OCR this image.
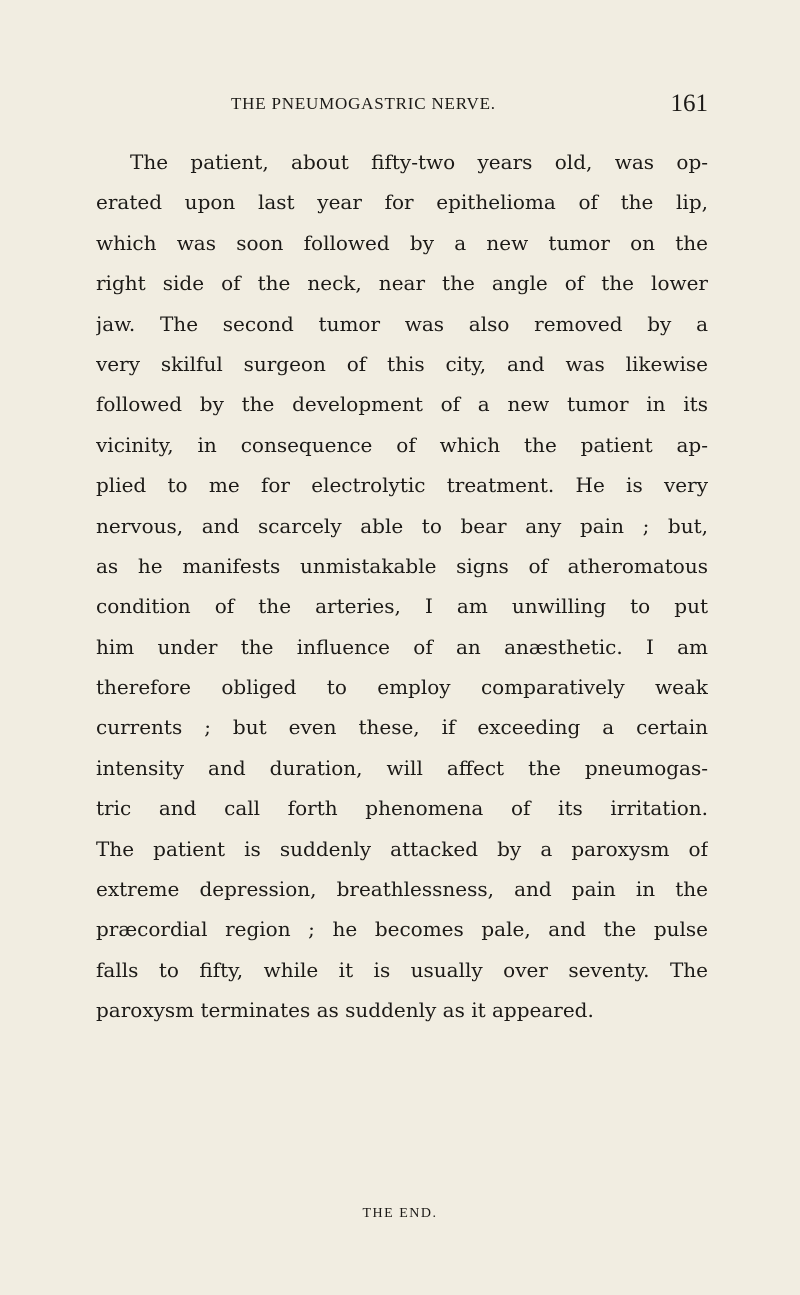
THE PNEUMOGASTRIC NERVE.	161
The patient, about fifty-two years old, was op-
erated upon last year for epithelioma of the lip,
which was soon followed by a new tumor on the
right side of the neck, near the angle of the lower
jaw. The second tumor was also removed by a
very skilful surgeon of this city, and was likewise
followed by the development of a new tumor in its
vicinity, in consequence of which the patient ap-
plied to me for electrolytic treatment. He is very
nervous, and scarcely able to bear any pain ; but,
as he manifests unmistakable signs of atheromatous
condition of the arteries, I am unwilling to put
him under the influence of an anæsthetic. I am
therefore obliged to employ comparatively weak
currents ; but even these, if exceeding a certain
intensity and duration, will affect the pneumogas-
tric and call forth phenomena of its irritation.
The patient is suddenly attacked by a paroxysm of
extreme depression, breathlessness, and pain in the
præcordial region ; he becomes pale, and the pulse
falls to fifty, while it is usually over seventy. The
paroxysm terminates as suddenly as it appeared.
THE END.
